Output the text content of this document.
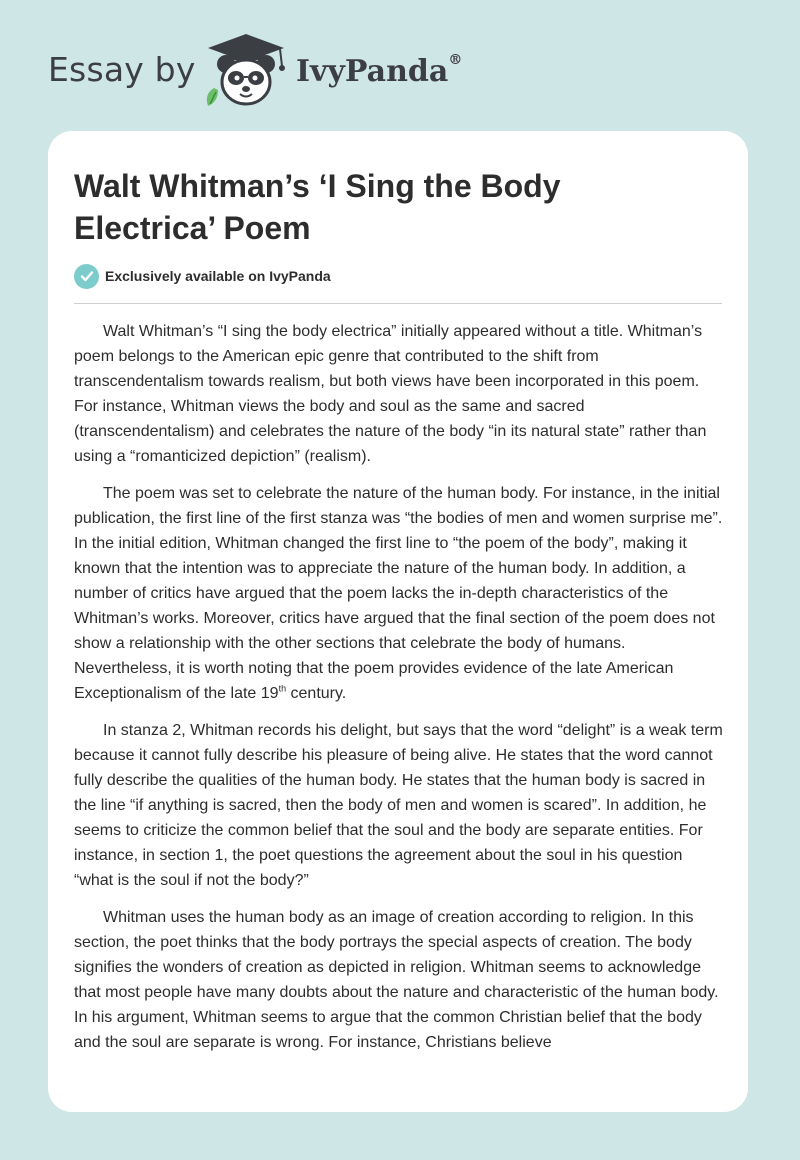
Essay by	IvyPanda®
Walt Whitman’s ‘I Sing the Body Electrica’ Poem
Exclusively available on IvyPanda

Walt Whitman’s “I sing the body electrica” initially appeared without a title. Whitman’s poem belongs to the American epic genre that contributed to the shift from transcendentalism towards realism, but both views have been incorporated in this poem. For instance, Whitman views the body and soul as the same and sacred (transcendentalism) and celebrates the nature of the body “in its natural state” rather than using a “romanticized depiction” (realism).

The poem was set to celebrate the nature of the human body. For instance, in the initial publication, the first line of the first stanza was “the bodies of men and women surprise me”. In the initial edition, Whitman changed the first line to “the poem of the body”, making it known that the intention was to appreciate the nature of the human body. In addition, a number of critics have argued that the poem lacks the in-depth characteristics of the Whitman’s works. Moreover, critics have argued that the final section of the poem does not show a relationship with the other sections that celebrate the body of humans. Nevertheless, it is worth noting that the poem provides evidence of the late American Exceptionalism of the late 19th century.

In stanza 2, Whitman records his delight, but says that the word “delight” is a weak term because it cannot fully describe his pleasure of being alive. He states that the word cannot fully describe the qualities of the human body. He states that the human body is sacred in the line “if anything is sacred, then the body of men and women is scared”. In addition, he seems to criticize the common belief that the soul and the body are separate entities. For instance, in section 1, the poet questions the agreement about the soul in his question “what is the soul if not the body?”

Whitman uses the human body as an image of creation according to religion. In this section, the poet thinks that the body portrays the special aspects of creation. The body signifies the wonders of creation as depicted in religion. Whitman seems to acknowledge that most people have many doubts about the nature and characteristic of the human body. In his argument, Whitman seems to argue that the common Christian belief that the body and the soul are separate is wrong. For instance, Christians believe
